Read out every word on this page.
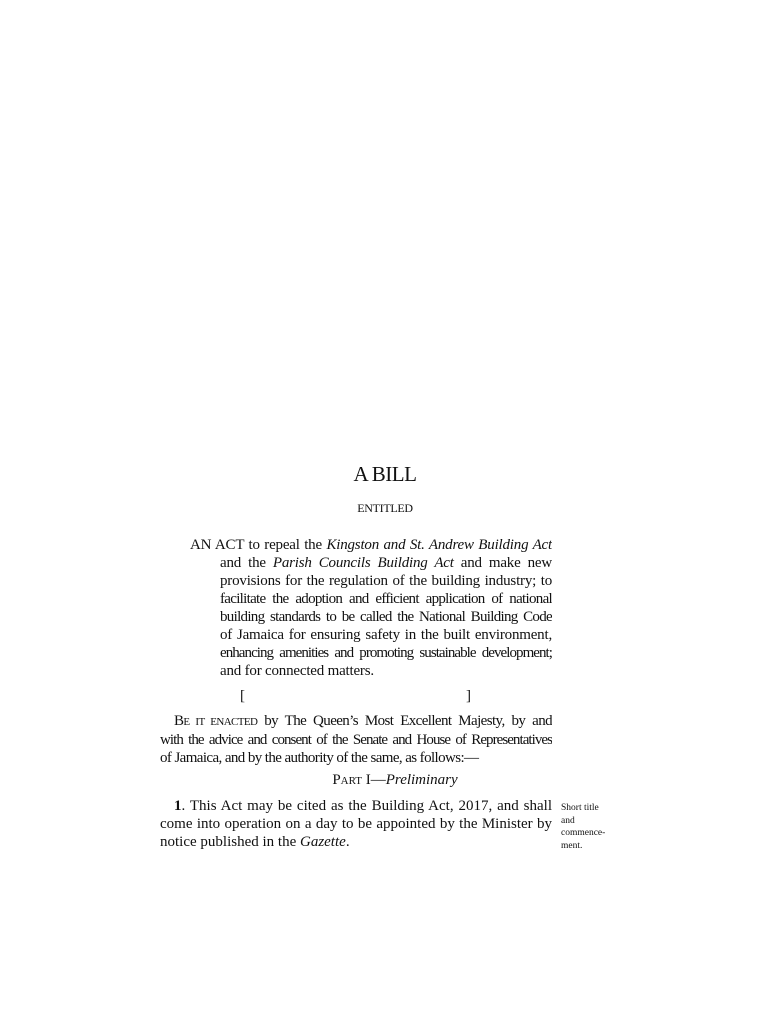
A BILL
ENTITLED
AN ACT to repeal the Kingston and St. Andrew Building Act
and the Parish Councils Building Act and make new
provisions for the regulation of the building industry; to
facilitate the adoption and efficient application of national
building standards to be called the National Building Code
of Jamaica for ensuring safety in the built environment,
enhancing amenities and promoting sustainable development;
and for connected matters.
[	]
BE IT ENACTED by The Queen’s Most Excellent Majesty, by and
with the advice and consent of the Senate and House of Representatives
of Jamaica, and by the authority of the same, as follows:—
PART I—Preliminary
1. This Act may be cited as the Building Act, 2017, and shall
come into operation on a day to be appointed by the Minister by
notice published in the Gazette.
Short title
and
commence-
ment.
